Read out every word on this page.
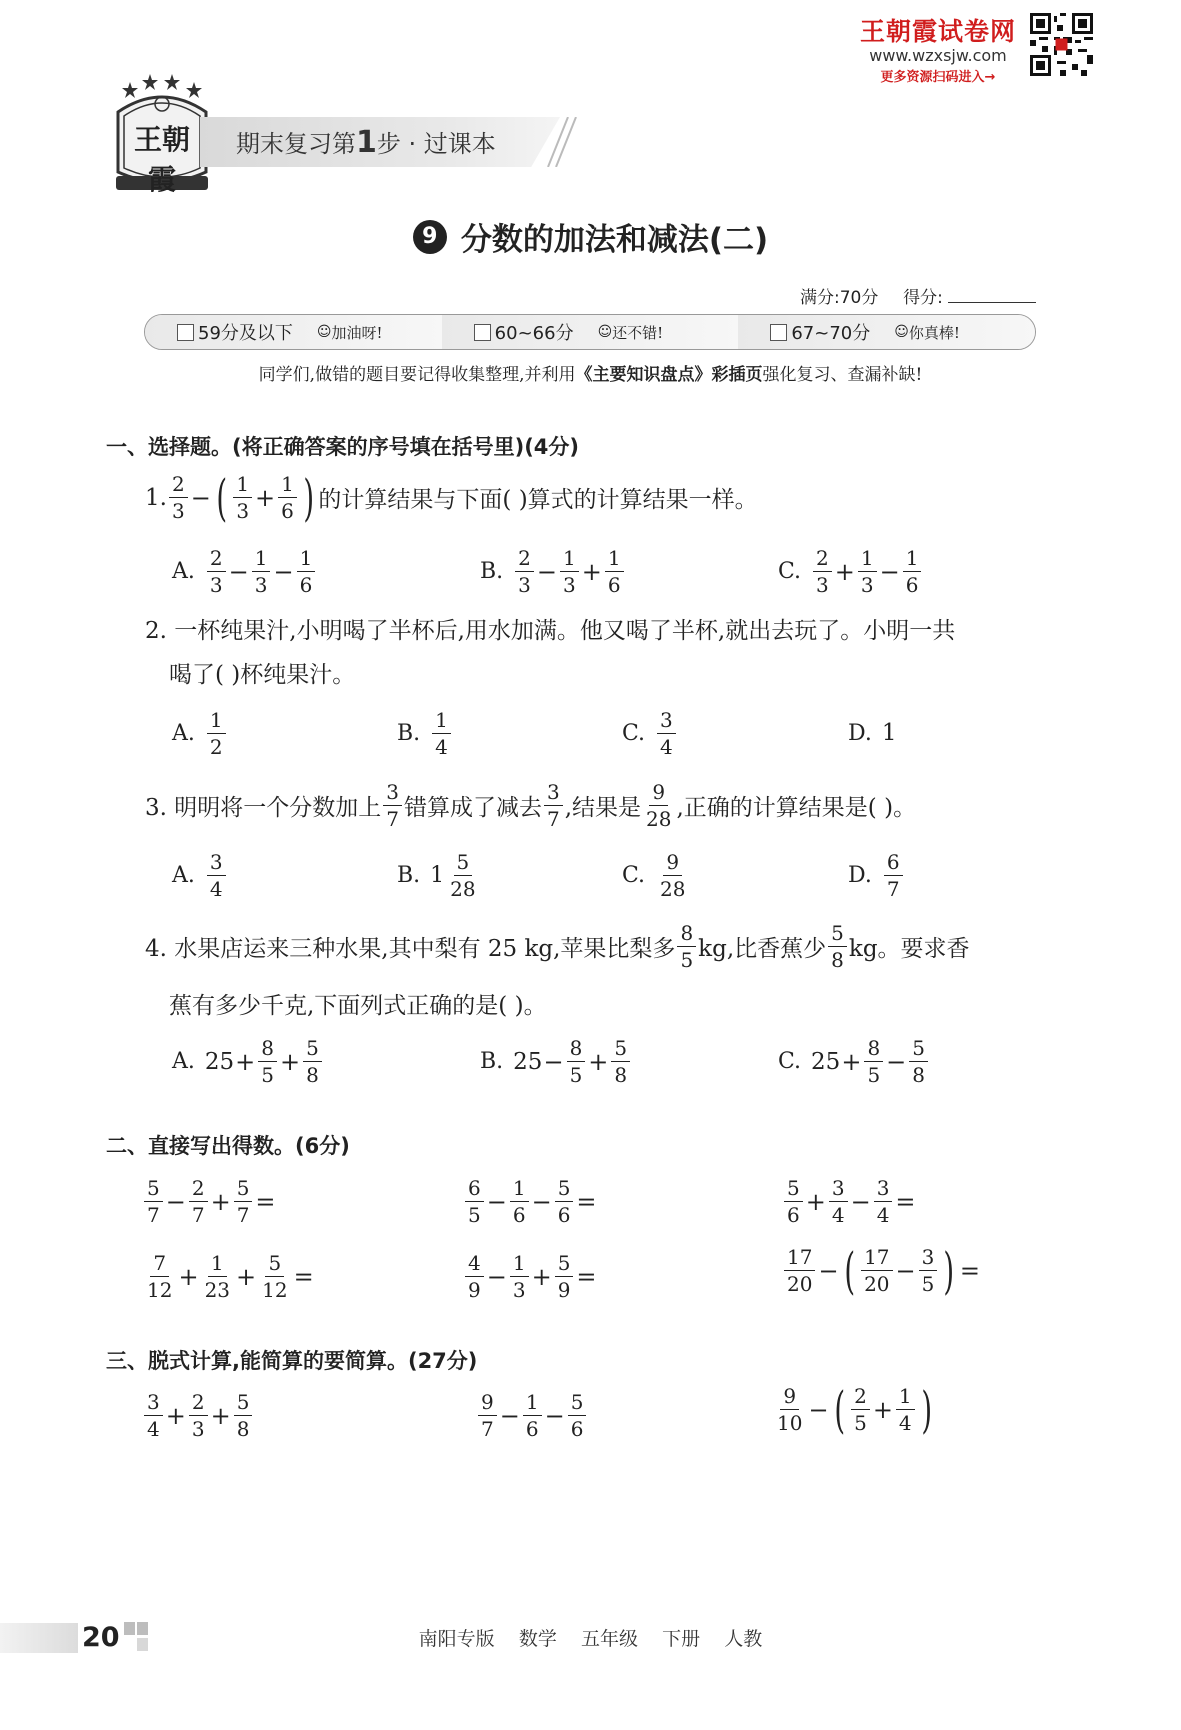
王朝霞试卷网
www.wzxsjw.com
更多资源扫码进入→
王朝霞
期末复习第1步 · 过课本
9 分数的加法和减法(二)
满分:70分 得分:
59分及以下 ☺ 加油呀!	60~66分 ☺ 还不错!	67~70分 ☺ 你真棒!
同学们,做错的题目要记得收集整理,并利用《主要知识盘点》彩插页强化复习、查漏补缺!
一、选择题。(将正确答案的序号填在括号里)(4分)
1. $\frac{2}{3}$ − ( $\frac{1}{3} + \frac{1}{6}$ ) 的计算结果与下面( )算式的计算结果一样。
A. $\frac{2}{3} - \frac{1}{3} - \frac{1}{6}$	B. $\frac{2}{3} - \frac{1}{3} + \frac{1}{6}$	C. $\frac{2}{3} + \frac{1}{3} - \frac{1}{6}$
2. 一杯纯果汁,小明喝了半杯后,用水加满。他又喝了半杯,就出去玩了。小明一共
喝了( )杯纯果汁。
A. $\frac{1}{2}$	B. $\frac{1}{4}$	C. $\frac{3}{4}$	D. 1
3. 明明将一个分数加上 $\frac{3}{7}$ 错算成了减去 $\frac{3}{7}$ ,结果是 $\frac{9}{28}$ ,正确的计算结果是( )。
A. $\frac{3}{4}$	B. $1 \frac{5}{28}$	C. $\frac{9}{28}$	D. $\frac{6}{7}$
4. 水果店运来三种水果,其中梨有 25 kg,苹果比梨多 $\frac{8}{5}$ kg,比香蕉少 $\frac{5}{8}$ kg。要求香
蕉有多少千克,下面列式正确的是( )。
A. $25 + \frac{8}{5} + \frac{5}{8}$	B. $25 - \frac{8}{5} + \frac{5}{8}$	C. $25 + \frac{8}{5} - \frac{5}{8}$
二、直接写出得数。(6分)
$\frac{5}{7} - \frac{2}{7} + \frac{5}{7}$ =	$\frac{6}{5} - \frac{1}{6} - \frac{5}{6}$ =	$\frac{5}{6} + \frac{3}{4} - \frac{3}{4}$ =
$\frac{7}{12} + \frac{1}{23} + \frac{5}{12}$ =	$\frac{4}{9} - \frac{1}{3} + \frac{5}{9}$ =	$\frac{17}{20}$ − ( $\frac{17}{20} - \frac{3}{5}$ ) =
三、脱式计算,能简算的要简算。(27分)
$\frac{3}{4} + \frac{2}{3} + \frac{5}{8}$	$\frac{9}{7} - \frac{1}{6} - \frac{5}{6}$	$\frac{9}{10}$ − ( $\frac{2}{5} + \frac{1}{4}$ )
20	南阳专版    数学    五年级    下册    人教
